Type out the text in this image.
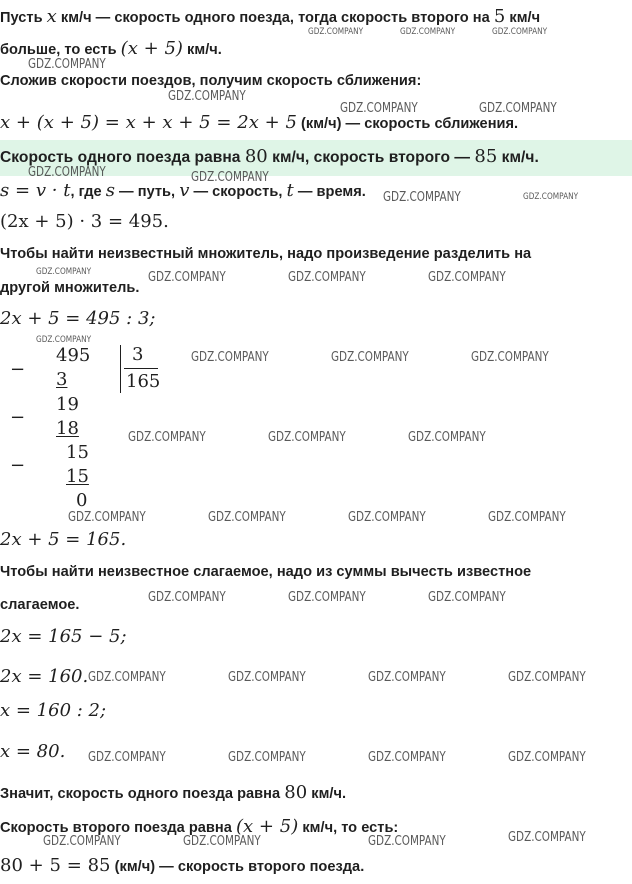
Пусть x км/ч — скорость одного поезда, тогда скорость второго на 5 км/ч
больше, то есть (x + 5) км/ч.
Сложив скорости поездов, получим скорость сближения:
x + (x + 5) = x + x + 5 = 2x + 5 (км/ч) — скорость сближения.
Скорость одного поезда равна 80 км/ч, скорость второго — 85 км/ч.
s = v · t, где s — путь, v — скорость, t — время.
(2x + 5) · 3 = 495.
Чтобы найти неизвестный множитель, надо произведение разделить на
другой множитель.
2x + 5 = 495 : 3;
−
−
−
495 3
165
3
19
18
15
15
0
2x + 5 = 165.
Чтобы найти неизвестное слагаемое, надо из суммы вычесть известное
слагаемое.
2x = 165 − 5;
2x = 160.
x = 160 : 2;
x = 80.
Значит, скорость одного поезда равна 80 км/ч.
Скорость второго поезда равна (x + 5) км/ч, то есть:
80 + 5 = 85 (км/ч) — скорость второго поезда.
GDZ.COMPANY	GDZ.COMPANY	GDZ.COMPANY
GDZ.COMPANY
GDZ.COMPANY
GDZ.COMPANY	GDZ.COMPANY
GDZ.COMPANY	GDZ.COMPANY
GDZ.COMPANY	GDZ.COMPANY
GDZ.COMPANY	GDZ.COMPANY	GDZ.COMPANY	GDZ.COMPANY
GDZ.COMPANY
GDZ.COMPANY	GDZ.COMPANY	GDZ.COMPANY
GDZ.COMPANY	GDZ.COMPANY	GDZ.COMPANY
GDZ.COMPANY	GDZ.COMPANY	GDZ.COMPANY	GDZ.COMPANY
GDZ.COMPANY	GDZ.COMPANY	GDZ.COMPANY
GDZ.COMPANY	GDZ.COMPANY	GDZ.COMPANY	GDZ.COMPANY
GDZ.COMPANY	GDZ.COMPANY	GDZ.COMPANY	GDZ.COMPANY
GDZ.COMPANY	GDZ.COMPANY	GDZ.COMPANY	GDZ.COMPANY
